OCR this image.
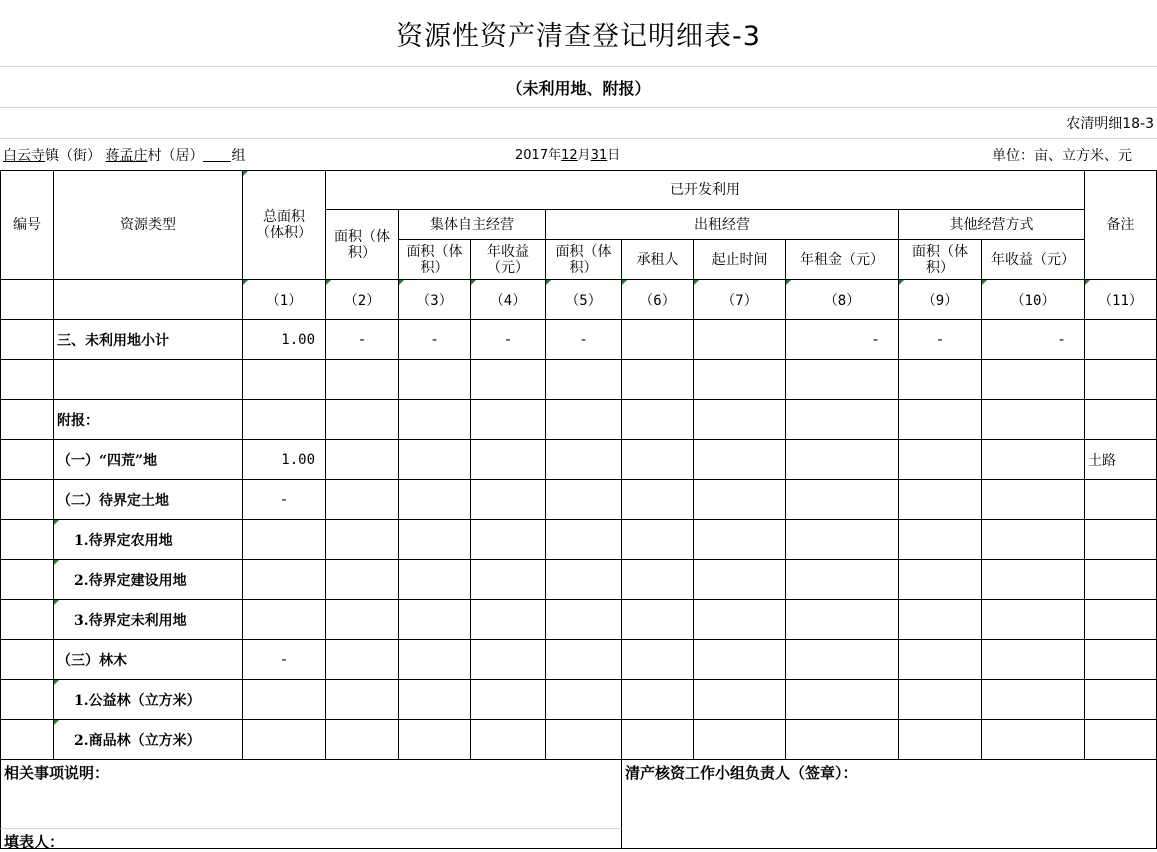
资源性资产清查登记明细表-3
（未利用地、附报）
农清明细18-3
白云寺镇（街） 蒋孟庄村（居） 组	2017年12月31日	单位：亩、立方米、元
编号	资源类型	总面积（体积）	已开发利用									备注

			面积（体积）	集体自主经营		出租经营				其他经营方式		

				面积（体积）	年收益（元）	面积（体积）	承租人	起止时间	年租金（元）	面积（体积）	年收益（元）	
		（1）	（2）	（3）	（4）	（5）	（6）	（7）	（8）	（9）	（10）	（11）
	三、未利用地小计	1.00	-	-	-	-			-	-	-	

	附报：											
	（一）“四荒”地	1.00										土路
	（二）待界定土地	-										
	1.待界定农用地											
	2.待界定建设用地											
	3.待界定未利用地											
	（三）林木	-										
	1.公益林（立方米）											
	2.商品林（立方米）											
相关事项说明：	清产核资工作小组负责人（签章）：
填表人：
